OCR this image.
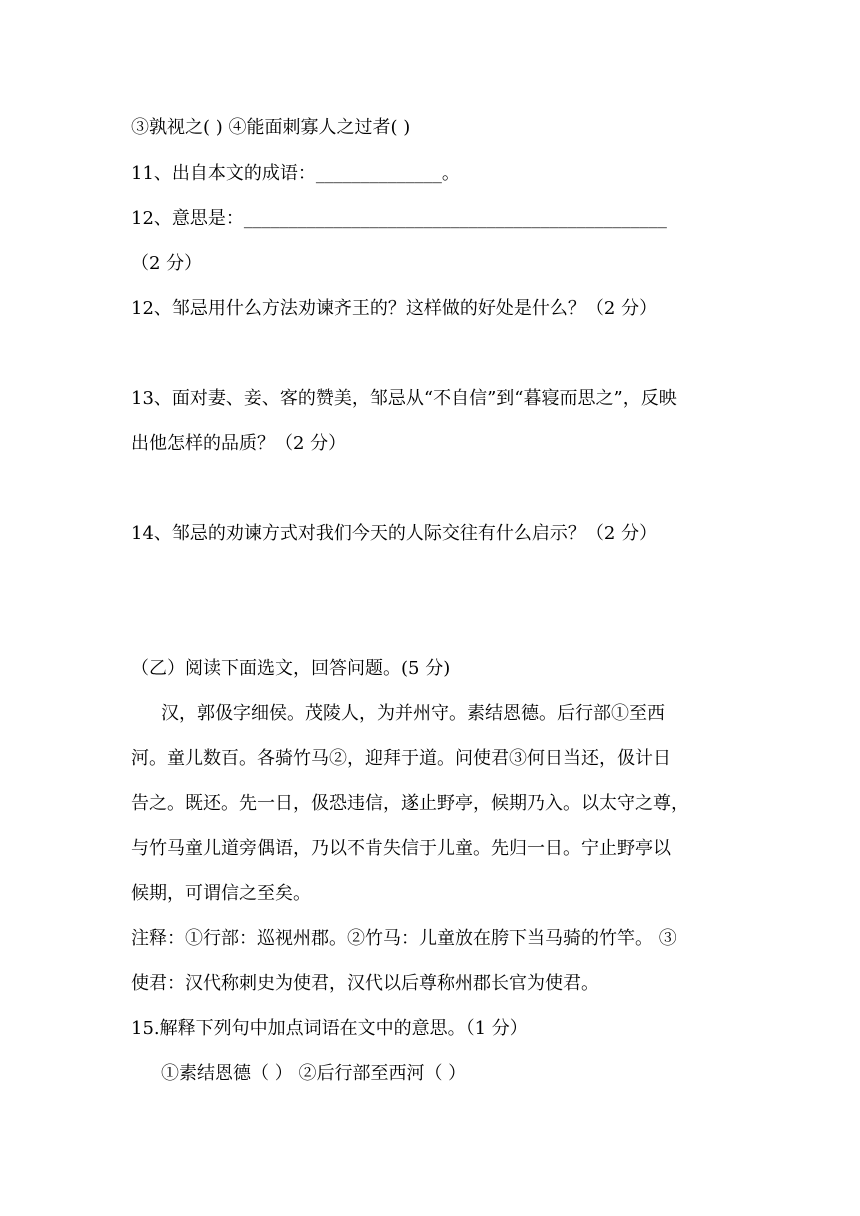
③孰视之( ) ④能面刺寡人之过者( )
11、出自本文的成语：______________。
12、意思是：_______________________________________________
（2 分）
12、邹忌用什么方法劝谏齐王的？这样做的好处是什么？（2 分）
13、面对妻、妾、客的赞美，邹忌从“不自信”到“暮寝而思之”，反映
出他怎样的品质？（2 分）
14、邹忌的劝谏方式对我们今天的人际交往有什么启示？（2 分）
（乙）阅读下面选文，回答问题。(5 分)
汉，郭伋字细侯。茂陵人，为并州守。素结恩德。后行部①至西
河。童儿数百。各骑竹马②，迎拜于道。问使君③何日当还，伋计日
告之。既还。先一日，伋恐违信，遂止野亭，候期乃入。以太守之尊，
与竹马童儿道旁偶语，乃以不肯失信于儿童。先归一日。宁止野亭以
候期，可谓信之至矣。
注释：①行部：巡视州郡。②竹马：儿童放在胯下当马骑的竹竿。 ③
使君：汉代称刺史为使君，汉代以后尊称州郡长官为使君。
15.解释下列句中加点词语在文中的意思。（1 分）
①素结恩德（ ） ②后行部至西河（ ）
